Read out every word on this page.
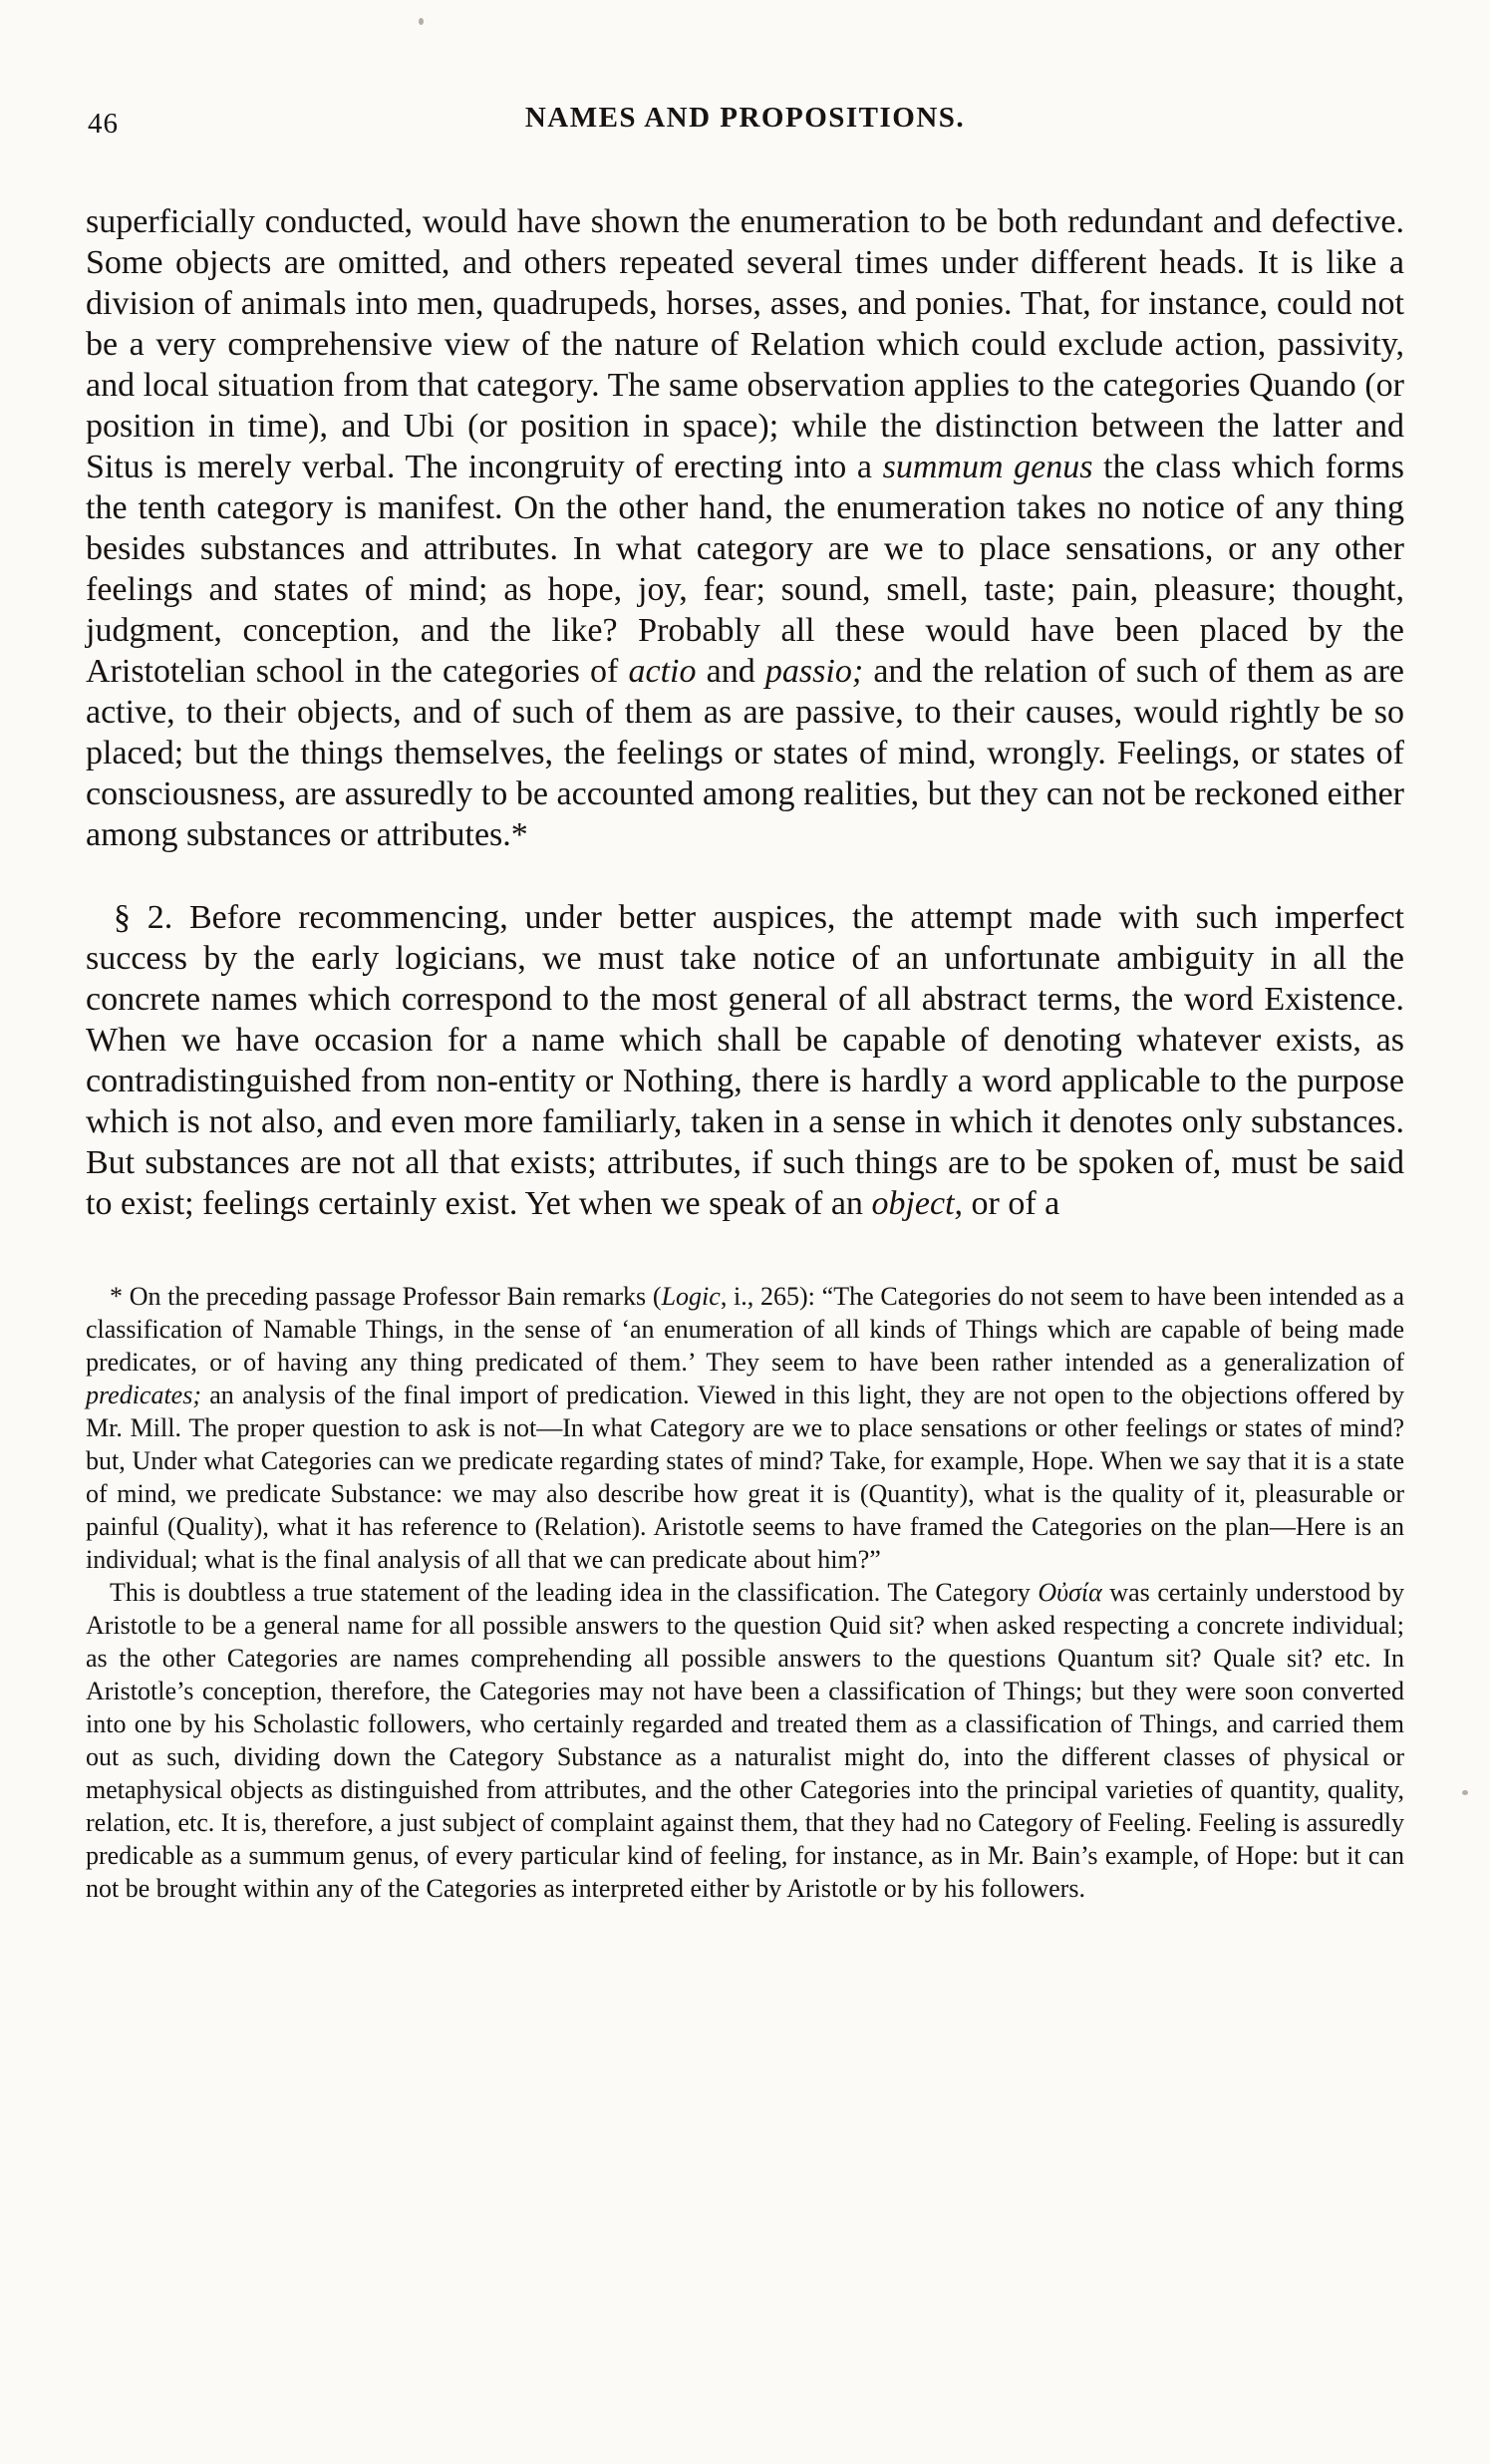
46	NAMES AND PROPOSITIONS.

superficially conducted, would have shown the enumeration to be both redundant and defective. Some objects are omitted, and others repeated several times under different heads. It is like a division of animals into men, quadrupeds, horses, asses, and ponies. That, for instance, could not be a very comprehensive view of the nature of Relation which could exclude action, passivity, and local situation from that category. The same observation applies to the categories Quando (or position in time), and Ubi (or position in space); while the distinction between the latter and Situs is merely verbal. The incongruity of erecting into a summum genus the class which forms the tenth category is manifest. On the other hand, the enumeration takes no notice of any thing besides substances and attributes. In what category are we to place sensations, or any other feelings and states of mind; as hope, joy, fear; sound, smell, taste; pain, pleasure; thought, judgment, conception, and the like? Probably all these would have been placed by the Aristotelian school in the categories of actio and passio; and the relation of such of them as are active, to their objects, and of such of them as are passive, to their causes, would rightly be so placed; but the things themselves, the feelings or states of mind, wrongly. Feelings, or states of consciousness, are assuredly to be accounted among realities, but they can not be reckoned either among substances or attributes.*

§ 2. Before recommencing, under better auspices, the attempt made with such imperfect success by the early logicians, we must take notice of an unfortunate ambiguity in all the concrete names which correspond to the most general of all abstract terms, the word Existence. When we have occasion for a name which shall be capable of denoting whatever exists, as contradistinguished from non-entity or Nothing, there is hardly a word applicable to the purpose which is not also, and even more familiarly, taken in a sense in which it denotes only substances. But substances are not all that exists; attributes, if such things are to be spoken of, must be said to exist; feelings certainly exist. Yet when we speak of an object, or of a

* On the preceding passage Professor Bain remarks (Logic, i., 265): “The Categories do not seem to have been intended as a classification of Namable Things, in the sense of ‘an enumeration of all kinds of Things which are capable of being made predicates, or of having any thing predicated of them.’ They seem to have been rather intended as a generalization of predicates; an analysis of the final import of predication. Viewed in this light, they are not open to the objections offered by Mr. Mill. The proper question to ask is not—In what Category are we to place sensations or other feelings or states of mind? but, Under what Categories can we predicate regarding states of mind? Take, for example, Hope. When we say that it is a state of mind, we predicate Substance: we may also describe how great it is (Quantity), what is the quality of it, pleasurable or painful (Quality), what it has reference to (Relation). Aristotle seems to have framed the Categories on the plan—Here is an individual; what is the final analysis of all that we can predicate about him?”

This is doubtless a true statement of the leading idea in the classification. The Category Οὐσία was certainly understood by Aristotle to be a general name for all possible answers to the question Quid sit? when asked respecting a concrete individual; as the other Categories are names comprehending all possible answers to the questions Quantum sit? Quale sit? etc. In Aristotle’s conception, therefore, the Categories may not have been a classification of Things; but they were soon converted into one by his Scholastic followers, who certainly regarded and treated them as a classification of Things, and carried them out as such, dividing down the Category Substance as a naturalist might do, into the different classes of physical or metaphysical objects as distinguished from attributes, and the other Categories into the principal varieties of quantity, quality, relation, etc. It is, therefore, a just subject of complaint against them, that they had no Category of Feeling. Feeling is assuredly predicable as a summum genus, of every particular kind of feeling, for instance, as in Mr. Bain’s example, of Hope: but it can not be brought within any of the Categories as interpreted either by Aristotle or by his followers.
